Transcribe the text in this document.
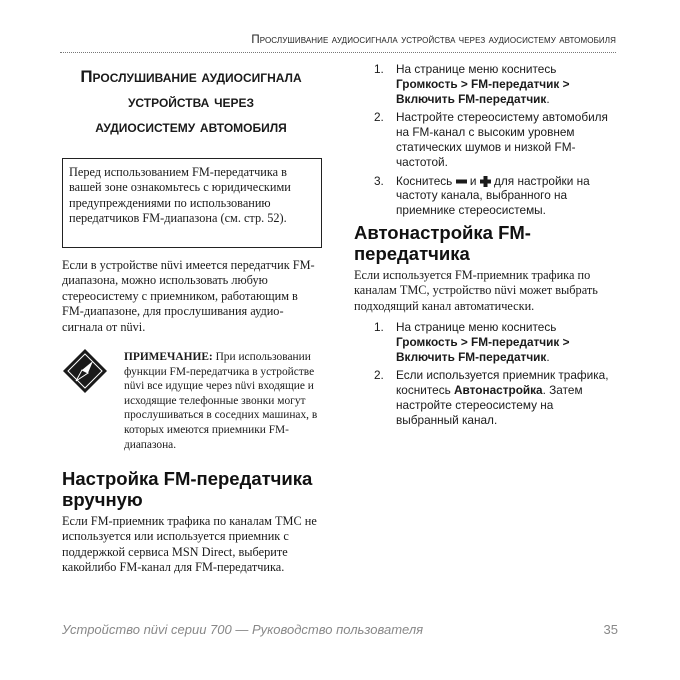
Прослушивание аудиосигнала устройства через аудиосистему автомобиля
Прослушивание аудиосигнала
устройства через
аудиосистему автомобиля
Перед использованием FM-передатчика в вашей зоне ознакомьтесь с юридическими предупреждениями по использованию передатчиков FM-диапазона (см. стр. 52).
Если в устройстве nüvi имеется передатчик FM-диапазона, можно использовать любую стереосистему с приемником, работающим в FM-диапазоне, для прослушивания аудио-сигнала от nüvi.
ПРИМЕЧАНИЕ: При использовании функции FM-передатчика в устройстве nüvi все идущие через nüvi входящие и исходящие телефонные звонки могут прослушиваться в соседних машинах, в которых имеются приемники FM-диапазона.
Настройка FM-передатчика вручную
Если FM-приемник трафика по каналам TMC не используется или используется приемник с поддержкой сервиса MSN Direct, выберите какойлибо FM-канал для FM-передатчика.
1. На странице меню коснитесь Громкость > FM-передатчик > Включить FM-передатчик.
2. Настройте стереосистему автомобиля на FM-канал с высоким уровнем статических шумов и низкой FM-частотой.
3. Коснитесь  и  для настройки на частоту канала, выбранного на приемнике стереосистемы.
Автонастройка FM-передатчика
Если используется FM-приемник трафика по каналам TMC, устройство nüvi может выбрать подходящий канал автоматически.
1. На странице меню коснитесь Громкость > FM-передатчик > Включить FM-передатчик.
2. Если используется приемник трафика, коснитесь Автонастройка. Затем настройте стереосистему на выбранный канал.
Устройство nüvi серии 700 — Руководство пользователя	35
